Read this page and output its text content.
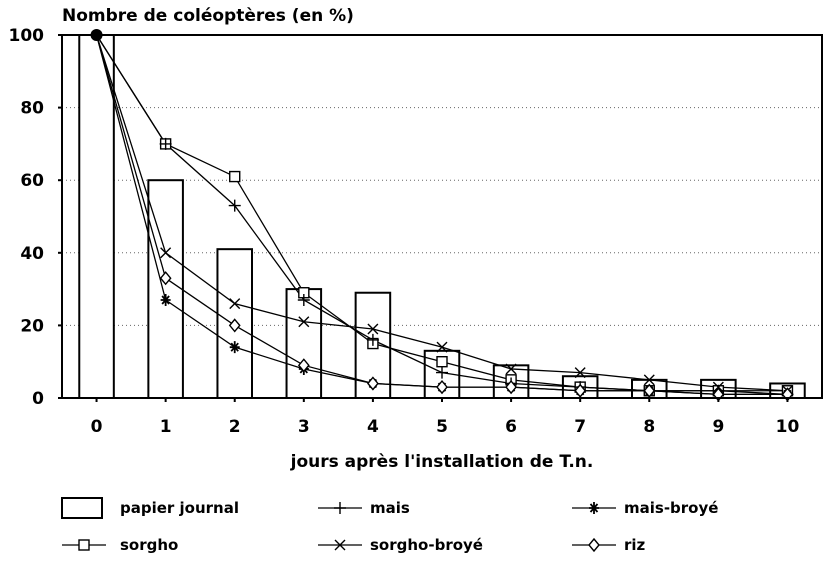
Nombre de coléoptères (en %)
0
20
40
60
80
100
0	1	2	3	4	5	6	7	8	9	10
jours après l'installation de T.n.
papier journal	mais	mais-broyé
sorgho	sorgho-broyé	riz
